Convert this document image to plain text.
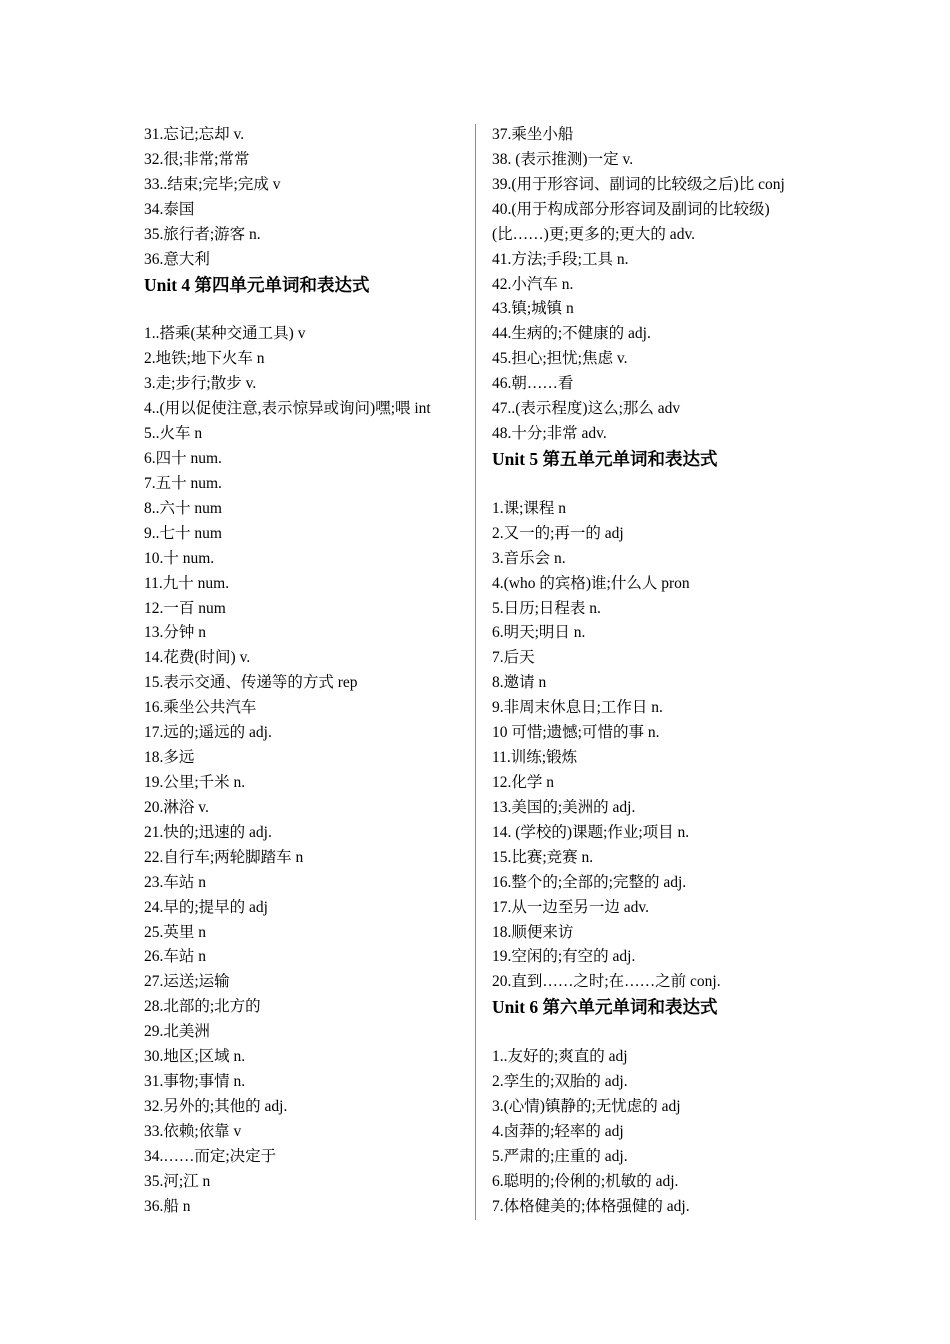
31.忘记;忘却 v.
32.很;非常;常常
33..结束;完毕;完成 v
34.泰国
35.旅行者;游客 n.
36.意大利
Unit 4 第四单元单词和表达式
1..搭乘(某种交通工具) v
2.地铁;地下火车 n
3.走;步行;散步 v.
4..(用以促使注意,表示惊异或询问)嘿;喂 int
5..火车 n
6.四十 num.
7.五十 num.
8..六十 num
9..七十 num
10.十 num.
11.九十 num.
12.一百 num
13.分钟 n
14.花费(时间) v.
15.表示交通、传递等的方式 rep
16.乘坐公共汽车
17.远的;遥远的 adj.
18.多远
19.公里;千米 n.
20.淋浴 v.
21.快的;迅速的 adj.
22.自行车;两轮脚踏车 n
23.车站 n
24.早的;提早的 adj
25.英里 n
26.车站 n
27.运送;运输
28.北部的;北方的
29.北美洲
30.地区;区域 n.
31.事物;事情 n.
32.另外的;其他的 adj.
33.依赖;依靠 v
34.……而定;决定于
35.河;江 n
36.船 n
37.乘坐小船
38. (表示推测)一定 v.
39.(用于形容词、副词的比较级之后)比 conj
40.(用于构成部分形容词及副词的比较级)(比……)更;更多的;更大的 adv.
41.方法;手段;工具 n.
42.小汽车 n.
43.镇;城镇 n
44.生病的;不健康的 adj.
45.担心;担忧;焦虑 v.
46.朝……看
47..(表示程度)这么;那么 adv
48.十分;非常 adv.
Unit 5 第五单元单词和表达式
1.课;课程 n
2.又一的;再一的 adj
3.音乐会 n.
4.(who 的宾格)谁;什么人 pron
5.日历;日程表 n.
6.明天;明日 n.
7.后天
8.邀请 n
9.非周末休息日;工作日 n.
10 可惜;遗憾;可惜的事 n.
11.训练;锻炼
12.化学 n
13.美国的;美洲的 adj.
14. (学校的)课题;作业;项目 n.
15.比赛;竞赛 n.
16.整个的;全部的;完整的 adj.
17.从一边至另一边 adv.
18.顺便来访
19.空闲的;有空的 adj.
20.直到……之时;在……之前 conj.
Unit 6 第六单元单词和表达式
1..友好的;爽直的 adj
2.孪生的;双胎的 adj.
3.(心情)镇静的;无忧虑的 adj
4.卤莽的;轻率的 adj
5.严肃的;庄重的 adj.
6.聪明的;伶俐的;机敏的 adj.
7.体格健美的;体格强健的 adj.
